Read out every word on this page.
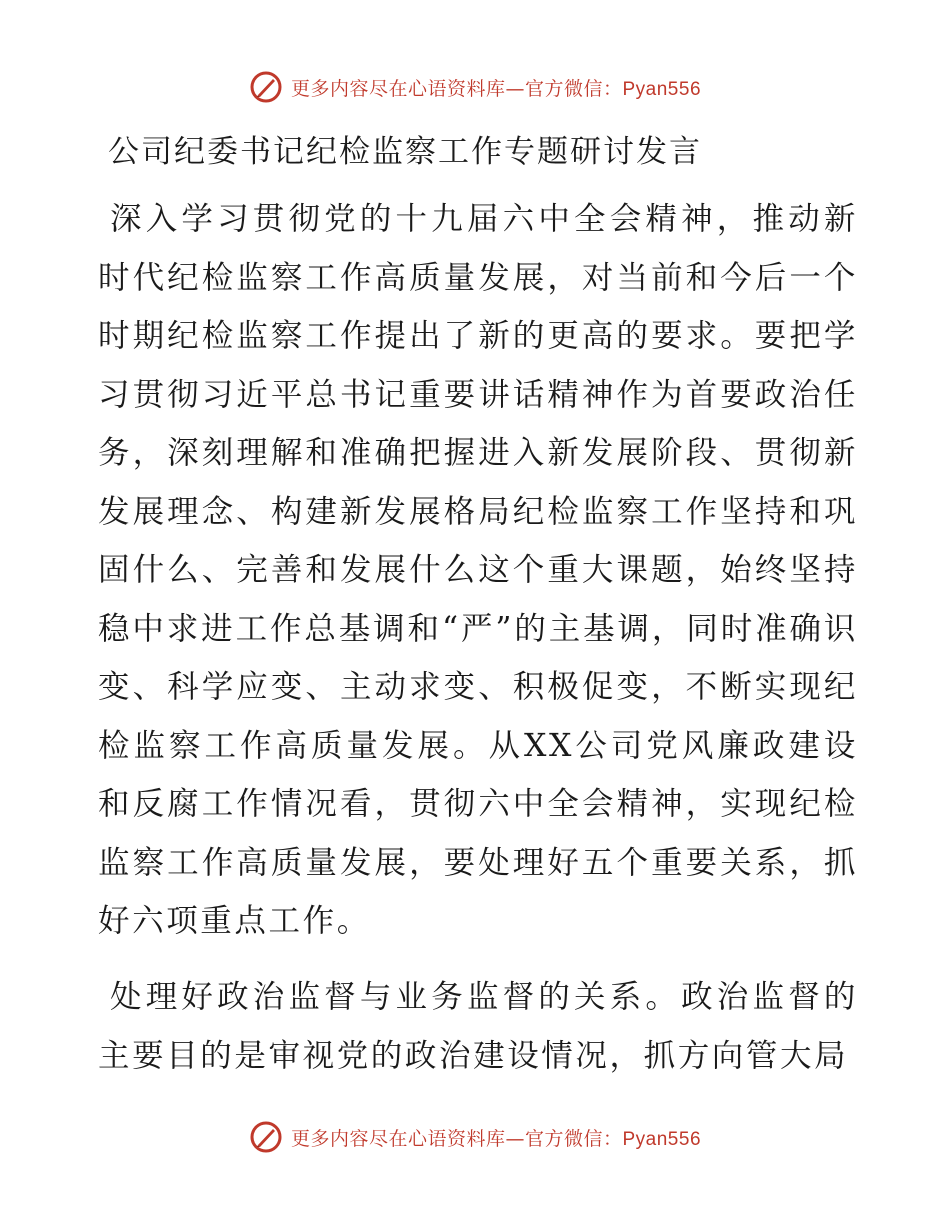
更多内容尽在心语资料库—官方微信：Pyan556
公司纪委书记纪检监察工作专题研讨发言

深入学习贯彻党的十九届六中全会精神，推动新时代纪检监察工作高质量发展，对当前和今后一个时期纪检监察工作提出了新的更高的要求。要把学习贯彻习近平总书记重要讲话精神作为首要政治任务，深刻理解和准确把握进入新发展阶段、贯彻新发展理念、构建新发展格局纪检监察工作坚持和巩固什么、完善和发展什么这个重大课题，始终坚持稳中求进工作总基调和“严”的主基调，同时准确识变、科学应变、主动求变、积极促变，不断实现纪检监察工作高质量发展。从XX公司党风廉政建设和反腐工作情况看，贯彻六中全会精神，实现纪检监察工作高质量发展，要处理好五个重要关系，抓好六项重点工作。

处理好政治监督与业务监督的关系。政治监督的主要目的是审视党的政治建设情况，抓方向管大局

更多内容尽在心语资料库—官方微信：Pyan556
